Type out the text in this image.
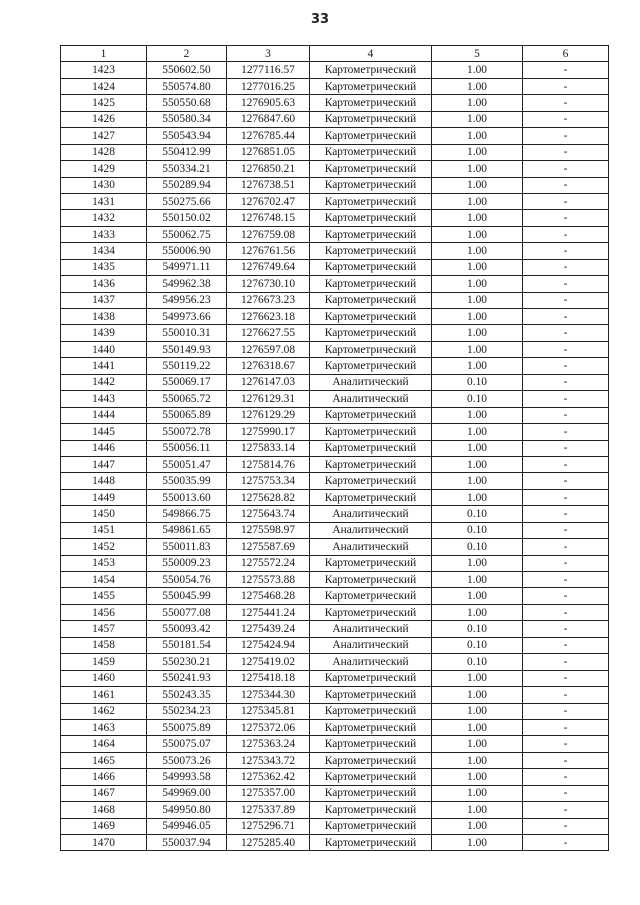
33
1	2	3	4	5	6
1423	550602.50	1277116.57	Картометрический	1.00	-
1424	550574.80	1277016.25	Картометрический	1.00	-
1425	550550.68	1276905.63	Картометрический	1.00	-
1426	550580.34	1276847.60	Картометрический	1.00	-
1427	550543.94	1276785.44	Картометрический	1.00	-
1428	550412.99	1276851.05	Картометрический	1.00	-
1429	550334.21	1276850.21	Картометрический	1.00	-
1430	550289.94	1276738.51	Картометрический	1.00	-
1431	550275.66	1276702.47	Картометрический	1.00	-
1432	550150.02	1276748.15	Картометрический	1.00	-
1433	550062.75	1276759.08	Картометрический	1.00	-
1434	550006.90	1276761.56	Картометрический	1.00	-
1435	549971.11	1276749.64	Картометрический	1.00	-
1436	549962.38	1276730.10	Картометрический	1.00	-
1437	549956.23	1276673.23	Картометрический	1.00	-
1438	549973.66	1276623.18	Картометрический	1.00	-
1439	550010.31	1276627.55	Картометрический	1.00	-
1440	550149.93	1276597.08	Картометрический	1.00	-
1441	550119.22	1276318.67	Картометрический	1.00	-
1442	550069.17	1276147.03	Аналитический	0.10	-
1443	550065.72	1276129.31	Аналитический	0.10	-
1444	550065.89	1276129.29	Картометрический	1.00	-
1445	550072.78	1275990.17	Картометрический	1.00	-
1446	550056.11	1275833.14	Картометрический	1.00	-
1447	550051.47	1275814.76	Картометрический	1.00	-
1448	550035.99	1275753.34	Картометрический	1.00	-
1449	550013.60	1275628.82	Картометрический	1.00	-
1450	549866.75	1275643.74	Аналитический	0.10	-
1451	549861.65	1275598.97	Аналитический	0.10	-
1452	550011.83	1275587.69	Аналитический	0.10	-
1453	550009.23	1275572.24	Картометрический	1.00	-
1454	550054.76	1275573.88	Картометрический	1.00	-
1455	550045.99	1275468.28	Картометрический	1.00	-
1456	550077.08	1275441.24	Картометрический	1.00	-
1457	550093.42	1275439.24	Аналитический	0.10	-
1458	550181.54	1275424.94	Аналитический	0.10	-
1459	550230.21	1275419.02	Аналитический	0.10	-
1460	550241.93	1275418.18	Картометрический	1.00	-
1461	550243.35	1275344.30	Картометрический	1.00	-
1462	550234.23	1275345.81	Картометрический	1.00	-
1463	550075.89	1275372.06	Картометрический	1.00	-
1464	550075.07	1275363.24	Картометрический	1.00	-
1465	550073.26	1275343.72	Картометрический	1.00	-
1466	549993.58	1275362.42	Картометрический	1.00	-
1467	549969.00	1275357.00	Картометрический	1.00	-
1468	549950.80	1275337.89	Картометрический	1.00	-
1469	549946.05	1275296.71	Картометрический	1.00	-
1470	550037.94	1275285.40	Картометрический	1.00	-
